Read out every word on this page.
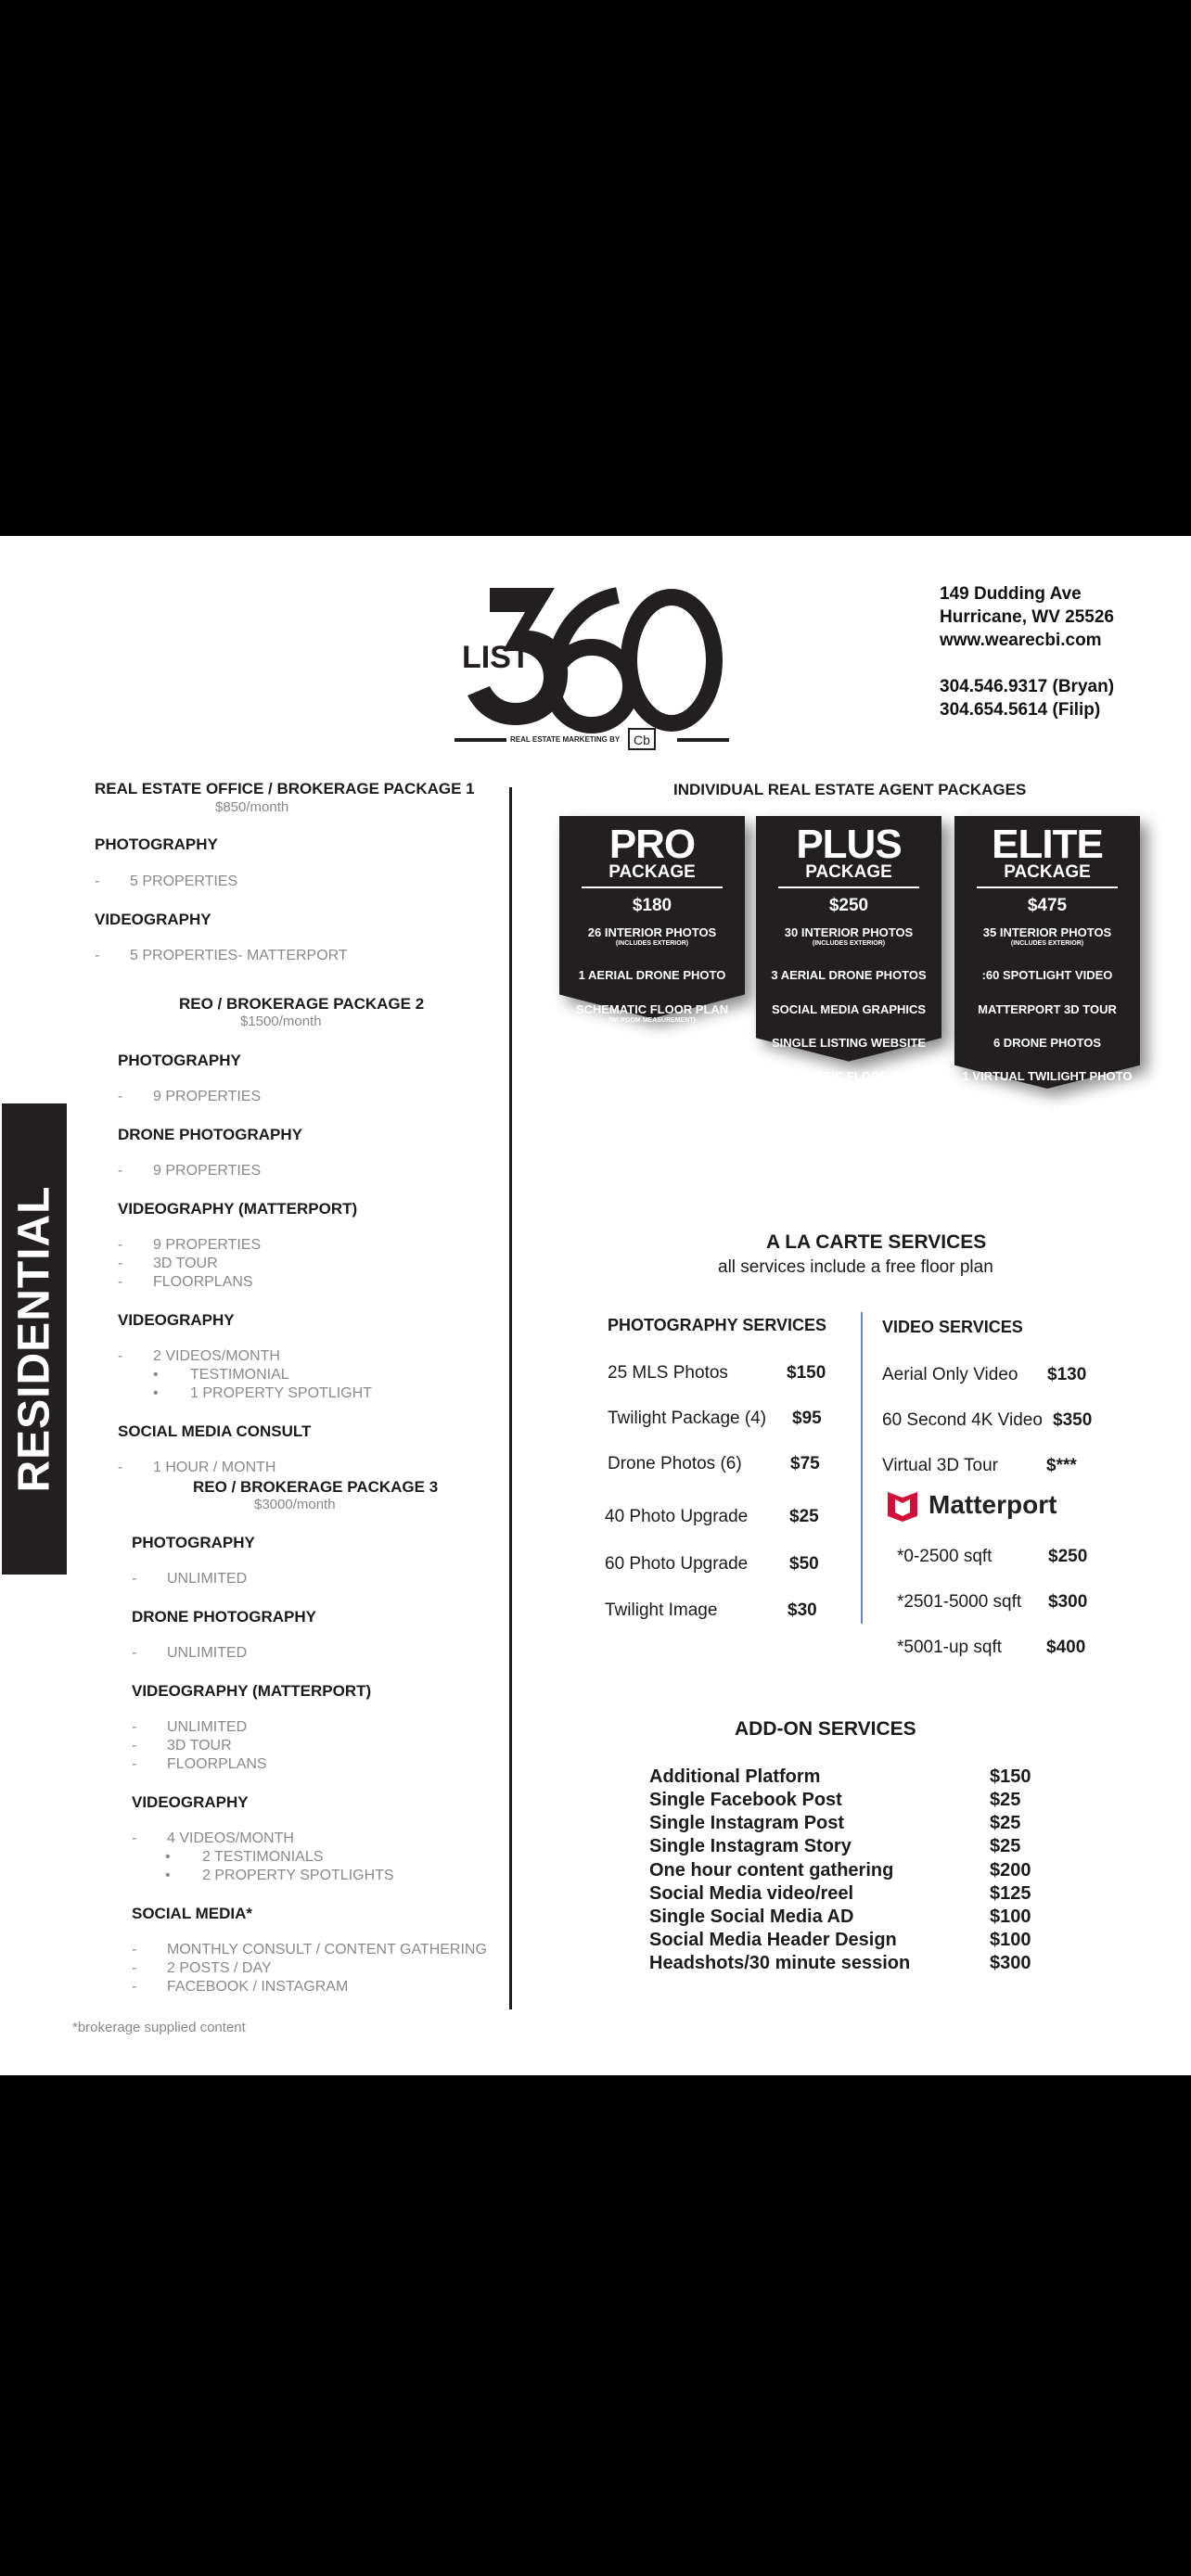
LIST
REAL ESTATE MARKETING BY Cb
149 Dudding Ave
Hurricane, WV 25526
www.wearecbi.com
304.546.9317 (Bryan)
304.654.5614 (Filip)
RESIDENTIAL
REAL ESTATE OFFICE / BROKERAGE PACKAGE 1
$850/month
PHOTOGRAPHY
- 5 PROPERTIES
VIDEOGRAPHY
- 5 PROPERTIES- MATTERPORT
REO / BROKERAGE PACKAGE 2
$1500/month
PHOTOGRAPHY
- 9 PROPERTIES
DRONE PHOTOGRAPHY
- 9 PROPERTIES
VIDEOGRAPHY (MATTERPORT)
- 9 PROPERTIES
- 3D TOUR
- FLOORPLANS
VIDEOGRAPHY
- 2 VIDEOS/MONTH
• TESTIMONIAL
• 1 PROPERTY SPOTLIGHT
SOCIAL MEDIA CONSULT
- 1 HOUR / MONTH
REO / BROKERAGE PACKAGE 3
$3000/month
PHOTOGRAPHY
- UNLIMITED
DRONE PHOTOGRAPHY
- UNLIMITED
VIDEOGRAPHY (MATTERPORT)
- UNLIMITED
- 3D TOUR
- FLOORPLANS
VIDEOGRAPHY
- 4 VIDEOS/MONTH
• 2 TESTIMONIALS
• 2 PROPERTY SPOTLIGHTS
SOCIAL MEDIA*
- MONTHLY CONSULT / CONTENT GATHERING
- 2 POSTS / DAY
- FACEBOOK / INSTAGRAM
*brokerage supplied content
INDIVIDUAL REAL ESTATE AGENT PACKAGES
PRO
PACKAGE
$180
26 INTERIOR PHOTOS
(INCLUDES EXTERIOR)
1 AERIAL DRONE PHOTO
SCHEMATIC FLOOR PLAN
(W/ ROOM MEASUREMENT)
PLUS
PACKAGE
$250
30 INTERIOR PHOTOS
(INCLUDES EXTERIOR)
3 AERIAL DRONE PHOTOS
SOCIAL MEDIA GRAPHICS
SINGLE LISTING WEBSITE
SCHEMATIC FLOOR PLAN
(W/ ROOM MEASUREMENT)
ELITE
PACKAGE
$475
35 INTERIOR PHOTOS
(INCLUDES EXTERIOR)
:60 SPOTLIGHT VIDEO
MATTERPORT 3D TOUR
6 DRONE PHOTOS
1 VIRTUAL TWILIGHT PHOTO
SCHEMATIC FLOOR PLAN
(W/ ROOM MEASUREMENT)
LISTING GRAPHICS
A LA CARTE SERVICES
all services include a free floor plan
PHOTOGRAPHY SERVICES
25 MLS Photos	$150
Twilight Package (4) $95
Drone Photos (6)	$75
40 Photo Upgrade $25
60 Photo Upgrade $50
Twilight Image	$30
VIDEO SERVICES
Aerial Only Video $130
60 Second 4K Video $350
Virtual 3D Tour	$***
Matterport
*0-2500 sqft	$250
*2501-5000 sqft $300
*5001-up sqft	$400
ADD-ON SERVICES
Additional Platform	$150
Single Facebook Post	$25
Single Instagram Post	$25
Single Instagram Story	$25
One hour content gathering	$200
Social Media video/reel	$125
Single Social Media AD	$100
Social Media Header Design	$100
Headshots/30 minute session	$300
